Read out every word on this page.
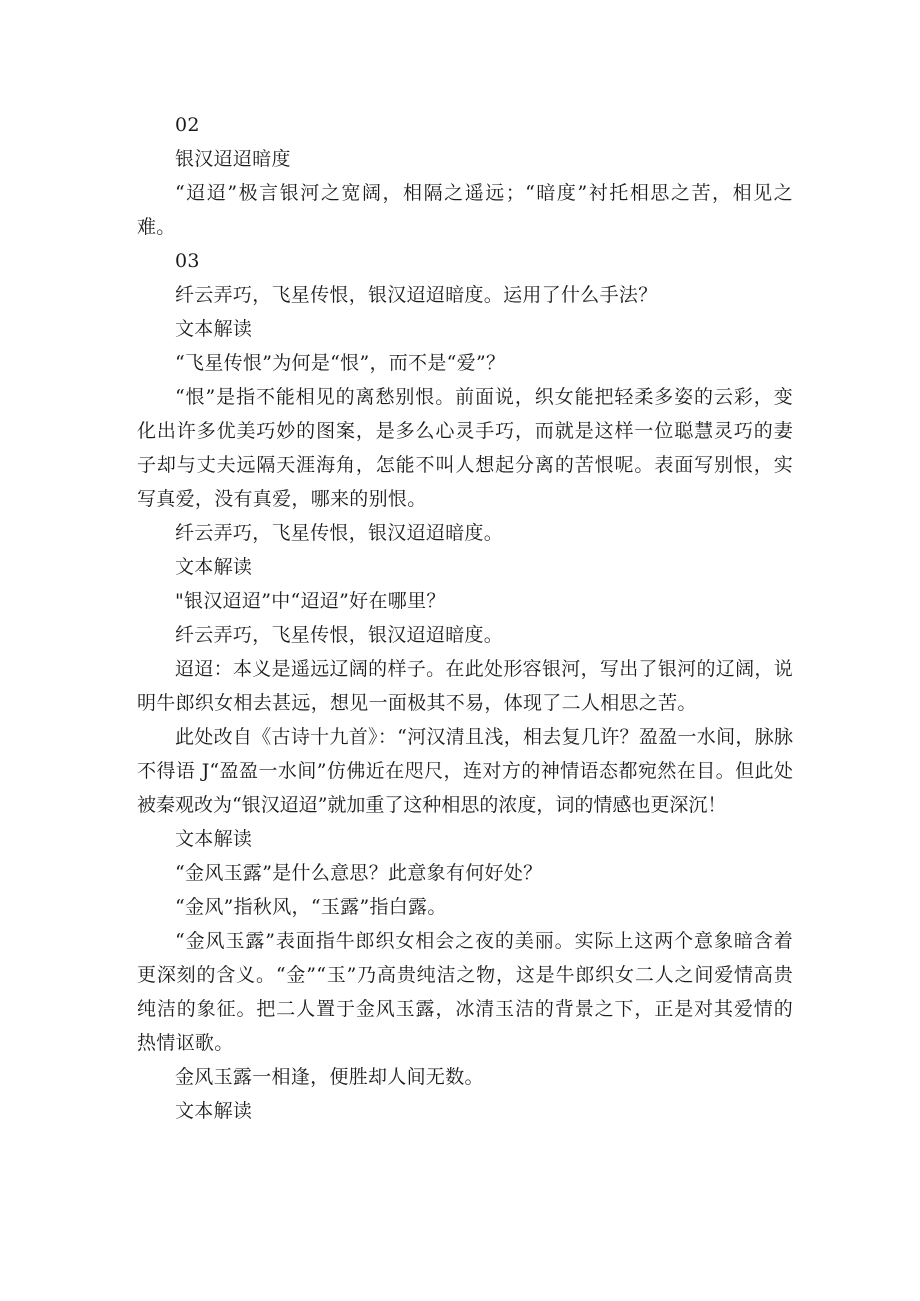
02

银汉迢迢暗度

“迢迢”极言银河之宽阔，相隔之遥远；“暗度”衬托相思之苦，相见之难。

03

纤云弄巧，飞星传恨，银汉迢迢暗度。运用了什么手法？

文本解读

“飞星传恨”为何是“恨”，而不是“爱”？

“恨”是指不能相见的离愁别恨。前面说，织女能把轻柔多姿的云彩，变化出许多优美巧妙的图案，是多么心灵手巧，而就是这样一位聪慧灵巧的妻子却与丈夫远隔天涯海角，怎能不叫人想起分离的苦恨呢。表面写别恨，实写真爱，没有真爱，哪来的别恨。

纤云弄巧，飞星传恨，银汉迢迢暗度。

文本解读

"银汉迢迢”中“迢迢”好在哪里？

纤云弄巧，飞星传恨，银汉迢迢暗度。

迢迢：本义是遥远辽阔的样子。在此处形容银河，写出了银河的辽阔，说明牛郎织女相去甚远，想见一面极其不易，体现了二人相思之苦。

此处改自《古诗十九首》：“河汉清且浅，相去复几许？盈盈一水间，脉脉不得语 J“盈盈一水间”仿佛近在咫尺，连对方的神情语态都宛然在目。但此处被秦观改为“银汉迢迢”就加重了这种相思的浓度，词的情感也更深沉！

文本解读

“金风玉露”是什么意思？此意象有何好处？

“金风”指秋风，“玉露”指白露。

“金风玉露”表面指牛郎织女相会之夜的美丽。实际上这两个意象暗含着更深刻的含义。“金”“玉”乃高贵纯洁之物，这是牛郎织女二人之间爱情高贵纯洁的象征。把二人置于金风玉露，冰清玉洁的背景之下，正是对其爱情的热情讴歌。

金风玉露一相逢，便胜却人间无数。

文本解读
